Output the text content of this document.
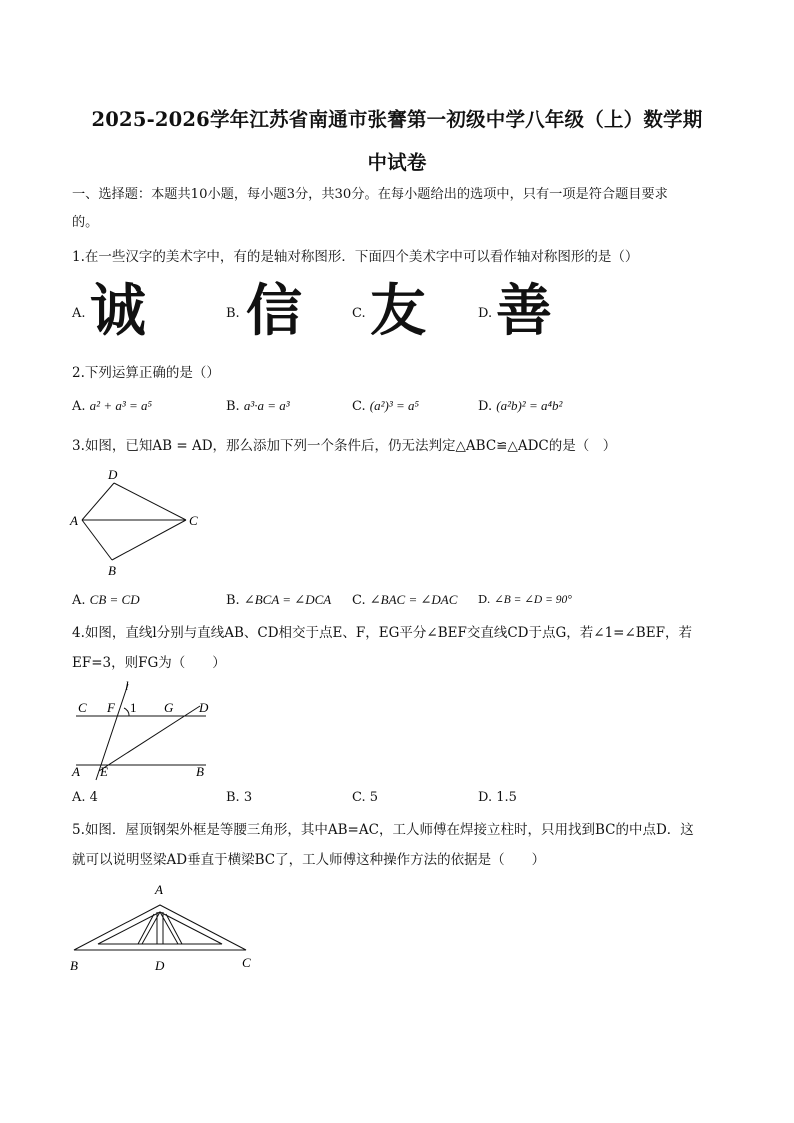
2025-2026学年江苏省南通市张謇第一初级中学八年级（上）数学期
中试卷
一、选择题：本题共10小题，每小题3分，共30分。在每小题给出的选项中，只有一项是符合题目要求
的。
1.在一些汉字的美术字中，有的是轴对称图形．下面四个美术字中可以看作轴对称图形的是（）
A. 诚	B. 信	C. 友	D. 善
2.下列运算正确的是（）
A. a² + a³ = a⁵	B. a³·a = a³	C. (a²)³ = a⁵	D. (a²b)² = a⁴b²
3.如图，已知AB = AD，那么添加下列一个条件后，仍无法判定△ABC≌△ADC的是（　）
D
A	C
B
A. CB = CD	B. ∠BCA = ∠DCA C. ∠BAC = ∠DAC D. ∠B = ∠D = 90°
4.如图，直线l分别与直线AB、CD相交于点E、F，EG平分∠BEF交直线CD于点G，若∠1=∠BEF，若
EF=3，则FG为（　　）
l
C F 1 G D
A E	B
A. 4	B. 3	C. 5	D. 1.5
5.如图．屋顶钢架外框是等腰三角形，其中AB=AC，工人师傅在焊接立柱时，只用找到BC的中点D．这
就可以说明竖梁AD垂直于横梁BC了，工人师傅这种操作方法的依据是（　　）
A
B	D	C
